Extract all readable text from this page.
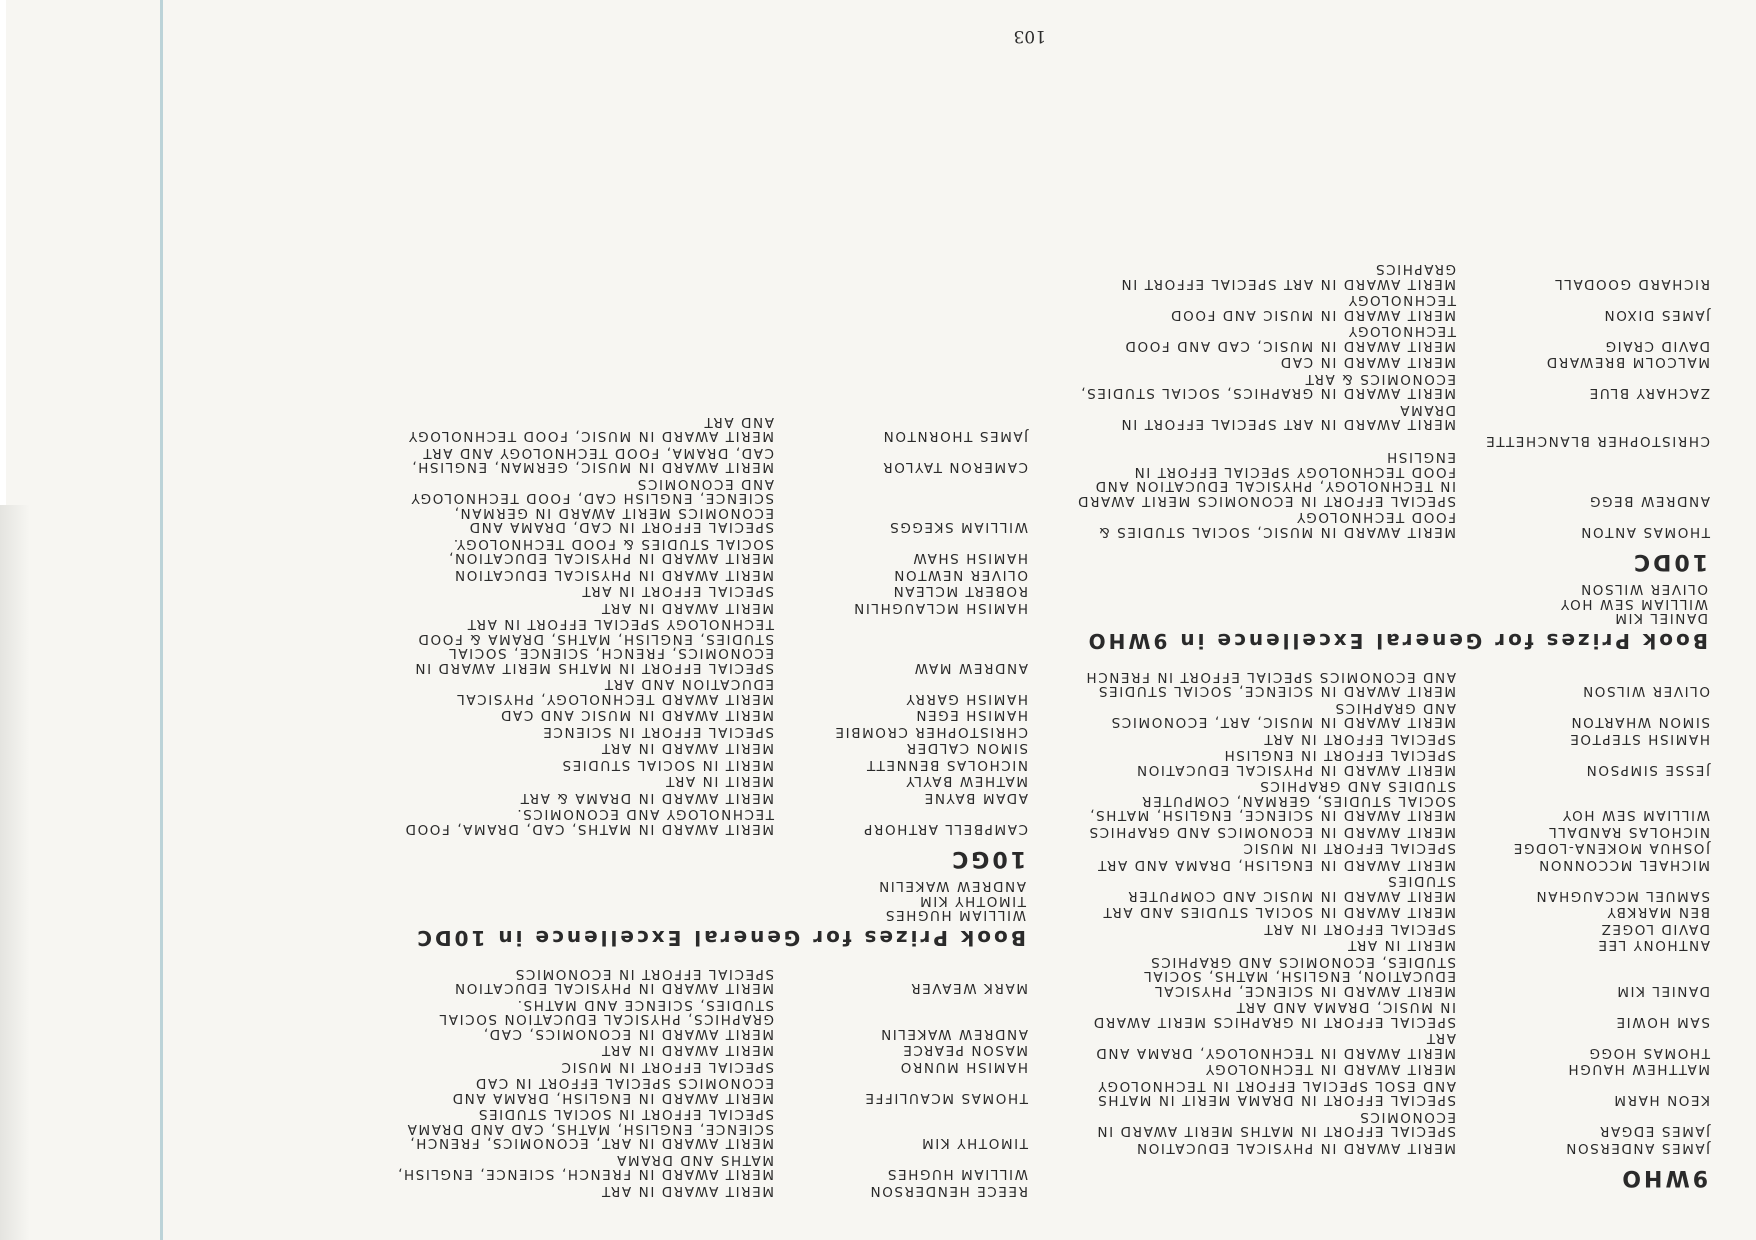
9WHO
JAMES ANDERSON
MERIT AWARD IN PHYSICAL EDUCATION
JAMES EDGAR
SPECIAL EFFORT IN MATHS MERIT AWARD IN ECONOMICS
KEON HARM
SPECIAL EFFORT IN DRAMA MERIT IN MATHS AND ESOL SPECIAL EFFORT IN TECHNOLOGY
MATTHEW HAUGH
MERIT AWARD IN TECHNOLOGY
THOMAS HOGG
MERIT AWARD IN TECHNOLOGY, DRAMA AND ART
SAM HOWIE
SPECIAL EFFORT IN GRAPHICS MERIT AWARD IN MUSIC, DRAMA AND ART
DANIEL KIM
MERIT AWARD IN SCIENCE, PHYSICAL EDUCATION, ENGLISH, MATHS, SOCIAL STUDIES, ECONOMICS AND GRAPHICS
ANTHONY LEE
MERIT IN ART
DAVID LOGEZ
SPECIAL EFFORT IN ART
BEN MARKBY
MERIT AWARD IN SOCIAL STUDIES AND ART
SAMUEL MCCAUGHAN
MERIT AWARD IN MUSIC AND COMPUTER STUDIES
MICHAEL MCCONNON
MERIT AWARD IN ENGLISH, DRAMA AND ART
JOSHUA MOKENA-LODGE
SPECIAL EFFORT IN MUSIC
NICHOLAS RANDALL
MERIT AWARD IN ECONOMICS AND GRAPHICS
WILLIAM SEW HOY
MERIT AWARD IN SCIENCE, ENGLISH, MATHS, SOCIAL STUDIES, GERMAN, COMPUTER STUDIES AND GRAPHICS
JESSE SIMPSON
MERIT AWARD IN PHYSICAL EDUCATION SPECIAL EFFORT IN ENGLISH
HAMISH STEPTOE
SPECIAL EFFORT IN ART
SIMON WHARTON
MERIT AWARD IN MUSIC, ART, ECONOMICS AND GRAPHICS
OLIVER WILSON
MERIT AWARD IN SCIENCE, SOCIAL STUDIES AND ECONOMICS SPECIAL EFFORT IN FRENCH
Book Prizes for General Excellence in 9WHO
DANIEL KIM
WILLIAM SEW HOY
OLIVER WILSON
10DC
THOMAS ANTON
MERIT AWARD IN MUSIC, SOCIAL STUDIES & FOOD TECHNOLOGY
ANDREW BEGG
SPECIAL EFFORT IN ECONOMICS MERIT AWARD IN TECHNOLOGY, PHYSICAL EDUCATION AND FOOD TECHNOLOGY SPECIAL EFFORT IN ENGLISH
CHRISTOPHER BLANCHETTE
MERIT AWARD IN ART SPECIAL EFFORT IN DRAMA
ZACHARY BLUE
MERIT AWARD IN GRAPHICS, SOCIAL STUDIES, ECONOMICS & ART
MALCOLM BREWARD
MERIT AWARD IN CAD
DAVID CRAIG
MERIT AWARD IN MUSIC, CAD AND FOOD TECHNOLOGY
JAMES DIXON
MERIT AWARD IN MUSIC AND FOOD TECHNOLOGY
RICHARD GOODALL
MERIT AWARD IN ART SPECIAL EFFORT IN GRAPHICS
REECE HENDERSON
MERIT AWARD IN ART
WILLIAM HUGHES
MERIT AWARD IN FRENCH, SCIENCE, ENGLISH, MATHS AND DRAMA
TIMOTHY KIM
MERIT AWARD IN ART, ECONOMICS, FRENCH, SCIENCE, ENGLISH, MATHS, CAD AND DRAMA SPECIAL EFFORT IN SOCIAL STUDIES
THOMAS MCAULIFFE
MERIT AWARD IN ENGLISH, DRAMA AND ECONOMICS SPECIAL EFFORT IN CAD
HAMISH MUNRO
SPECIAL EFFORT IN MUSIC
MASON PEARCE
MERIT AWARD IN ART
ANDREW WAKELIN
MERIT AWARD IN ECONOMICS, CAD, GRAPHICS, PHYSICAL EDUCATION SOCIAL STUDIES, SCIENCE AND MATHS.
MARK WEAVER
MERIT AWARD IN PHYSICAL EDUCATION SPECIAL EFFORT IN ECONOMICS
Book Prizes for General Excellence in 10DC
WILLIAM HUGHES
TIMOTHY KIM
ANDREW WAKELIN
10GC
CAMPBELL ARTHORP
MERIT AWARD IN MATHS, CAD, DRAMA, FOOD TECHNOLOGY AND ECONOMICS.
ADAM BAYNE
MERIT AWARD IN DRAMA & ART
MATHEW BAYLY
MERIT IN ART
NICHOLAS BENNETT
MERIT IN SOCIAL STUDIES
SIMON CALDER
MERIT AWARD IN ART
CHRISTOPHER CROMBIE
SPECIAL EFFORT IN SCIENCE
HAMISH EGEN
MERIT AWARD IN MUSIC AND CAD
HAMISH GARRY
MERIT AWARD TECHNOLOGY, PHYSICAL EDUCATION AND ART
ANDREW MAW
SPECIAL EFFORT IN MATHS MERIT AWARD IN ECONOMICS, FRENCH, SCIENCE, SOCIAL STUDIES, ENGLISH, MATHS, DRAMA & FOOD TECHNOLOGY SPECIAL EFFORT IN ART
HAMISH MCLAUGHLIN
MERIT AWARD IN ART
ROBERT MCLEAN
SPECIAL EFFORT IN ART
OLIVER NEWTON
MERIT AWARD IN PHYSICAL EDUCATION
HAMISH SHAW
MERIT AWARD IN PHYSICAL EDUCATION, SOCIAL STUDIES & FOOD TECHNOLOGY.
WILLIAM SKEGGS
SPECIAL EFFORT IN CAD, DRAMA AND ECONOMICS MERIT AWARD IN GERMAN, SCIENCE, ENGLISH CAD, FOOD TECHNOLOGY AND ECONOMICS
CAMERON TAYLOR
MERIT AWARD IN MUSIC, GERMAN, ENGLISH, CAD, DRAMA, FOOD TECHNOLOGY AND ART
JAMES THORNTON
MERIT AWARD IN MUSIC, FOOD TECHNOLOGY AND ART
103
